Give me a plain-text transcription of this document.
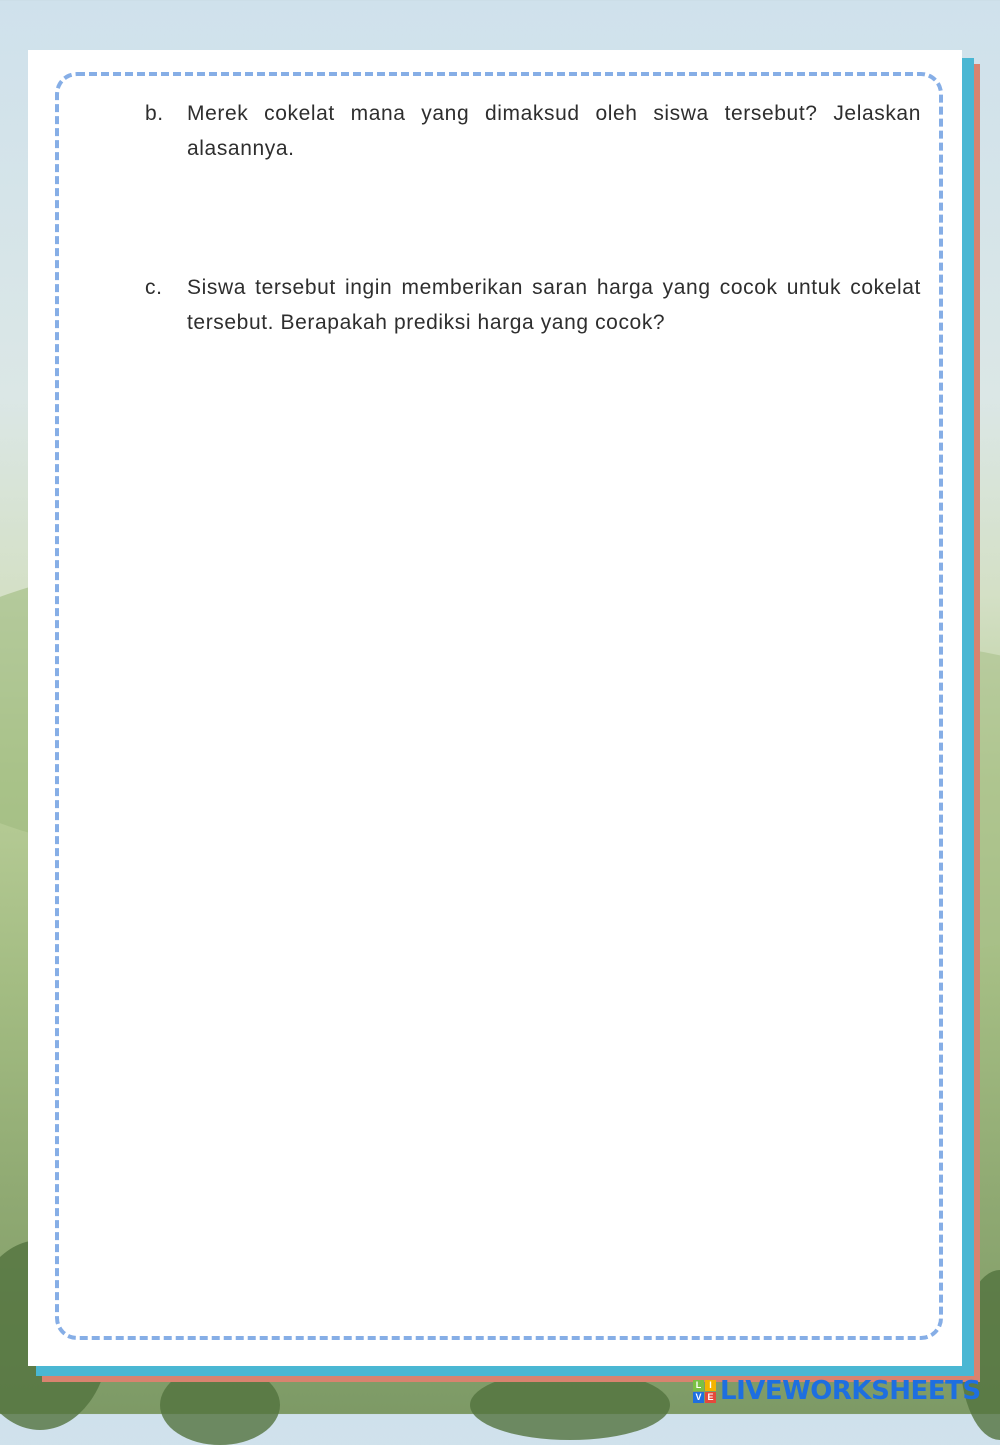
b. Merek cokelat mana yang dimaksud oleh siswa tersebut? Jelaskan alasannya.
c. Siswa tersebut ingin memberikan saran harga yang cocok untuk cokelat tersebut. Berapakah prediksi harga yang cocok?
L I
V E LIVEWORKSHEETS
